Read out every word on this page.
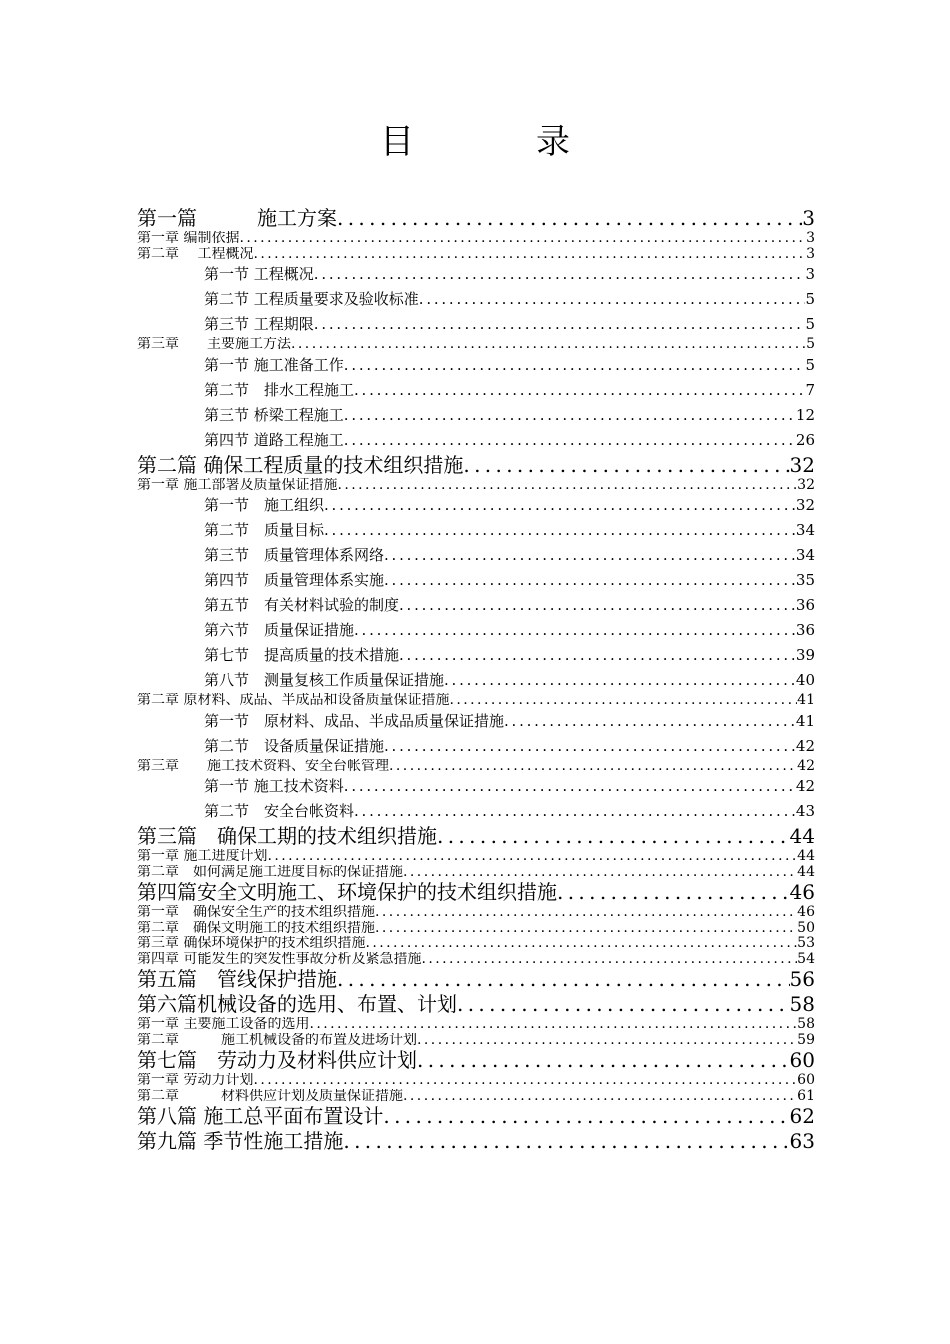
目　录
第一篇　　　施工方案 . . .	3
第一章 编制依据 . . .	3
第二章　 工程概况 . . .	3
第一节 工程概况 . . .	3
第二节 工程质量要求及验收标准 . . .	5
第三节 工程期限 . . .	5
第三章　　主要施工方法 . . .	5
第一节 施工准备工作 . . .	5
第二节　排水工程施工 . . .	7
第三节 桥梁工程施工 . . .	12
第四节 道路工程施工 . . .	26
第二篇 确保工程质量的技术组织措施 . . .	32
第一章 施工部署及质量保证措施 . . .	32
第一节　施工组织 . . .	32
第二节　质量目标 . . .	34
第三节　质量管理体系网络 . . .	34
第四节　质量管理体系实施 . . .	35
第五节　有关材料试验的制度 . . .	36
第六节　质量保证措施 . . .	36
第七节　提高质量的技术措施 . . .	39
第八节　测量复核工作质量保证措施 . . .	40
第二章 原材料、成品、半成品和设备质量保证措施 . . .	41
第一节　原材料、成品、半成品质量保证措施 . . .	41
第二节　设备质量保证措施 . . .	42
第三章　　施工技术资料、安全台帐管理 . . .	42
第一节 施工技术资料 . . .	42
第二节　安全台帐资料 . . .	43
第三篇　确保工期的技术组织措施 . . .	44
第一章 施工进度计划 . . .	44
第二章　如何满足施工进度目标的保证措施 . . .	44
第四篇安全文明施工、环境保护的技术组织措施 . . .	46
第一章　确保安全生产的技术组织措施 . . .	46
第二章　确保文明施工的技术组织措施 . . .	50
第三章 确保环境保护的技术组织措施 . . .	53
第四章 可能发生的突发性事故分析及紧急措施 . . .	54
第五篇　管线保护措施 . . .	56
第六篇机械设备的选用、布置、计划 . . .	58
第一章 主要施工设备的选用 . . .	58
第二章　　　施工机械设备的布置及进场计划 . . .	59
第七篇　劳动力及材料供应计划 . . .	60
第一章 劳动力计划 . . .	60
第二章　　　材料供应计划及质量保证措施 . . .	61
第八篇 施工总平面布置设计 . . .	62
第九篇 季节性施工措施 . . .	63
